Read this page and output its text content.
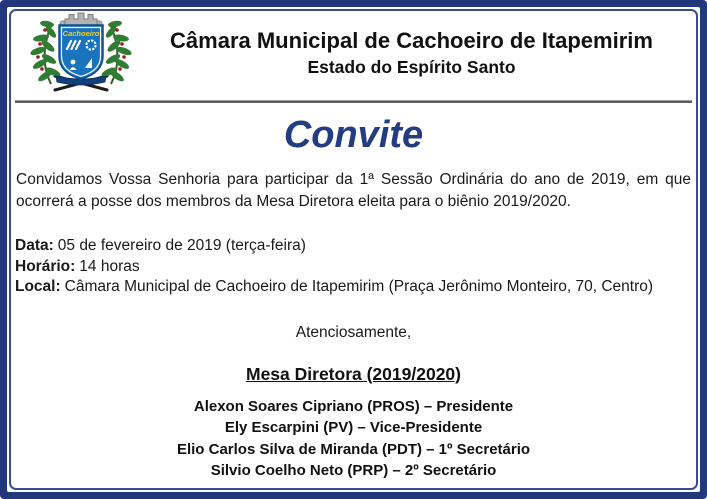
Cachoeiro	Câmara Municipal de Cachoeiro de Itapemirim
Estado do Espírito Santo
Convite

Convidamos Vossa Senhoria para participar da 1ª Sessão Ordinária do ano de 2019, em que ocorrerá a posse dos membros da Mesa Diretora eleita para o biênio 2019/2020.

Data: 05 de fevereiro de 2019 (terça-feira)
Horário: 14 horas
Local: Câmara Municipal de Cachoeiro de Itapemirim (Praça Jerônimo Monteiro, 70, Centro)
Atenciosamente,
Mesa Diretora (2019/2020)
Alexon Soares Cipriano (PROS) – Presidente
Ely Escarpini (PV) – Vice-Presidente
Elio Carlos Silva de Miranda (PDT) – 1º Secretário
Silvio Coelho Neto (PRP) – 2º Secretário
